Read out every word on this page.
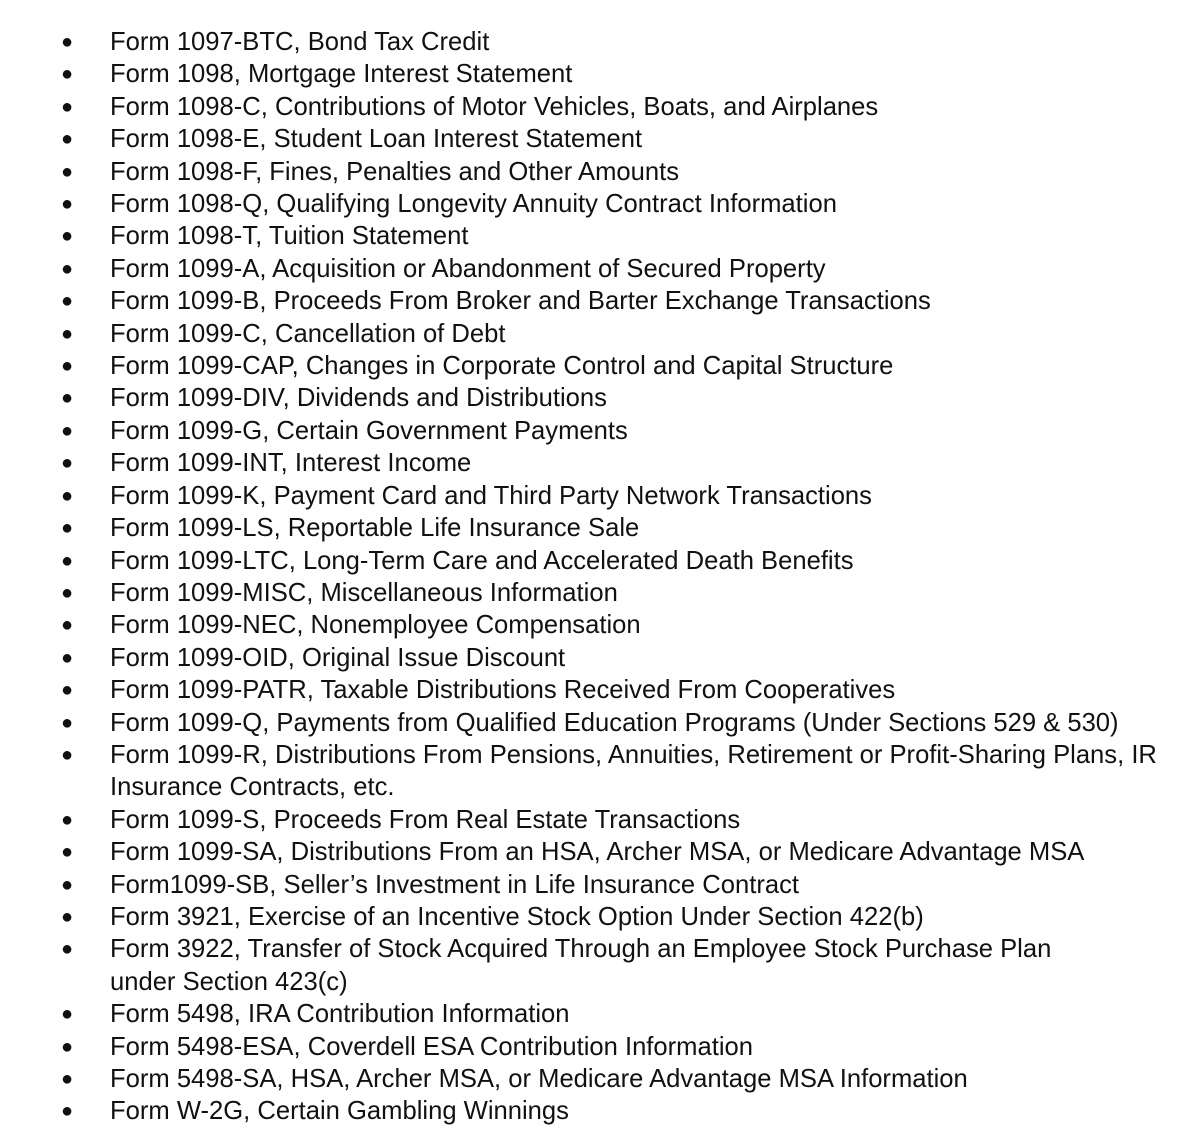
● Form 1097-BTC, Bond Tax Credit
● Form 1098, Mortgage Interest Statement
● Form 1098-C, Contributions of Motor Vehicles, Boats, and Airplanes
● Form 1098-E, Student Loan Interest Statement
● Form 1098-F, Fines, Penalties and Other Amounts
● Form 1098-Q, Qualifying Longevity Annuity Contract Information
● Form 1098-T, Tuition Statement
● Form 1099-A, Acquisition or Abandonment of Secured Property
● Form 1099-B, Proceeds From Broker and Barter Exchange Transactions
● Form 1099-C, Cancellation of Debt
● Form 1099-CAP, Changes in Corporate Control and Capital Structure
● Form 1099-DIV, Dividends and Distributions
● Form 1099-G, Certain Government Payments
● Form 1099-INT, Interest Income
● Form 1099-K, Payment Card and Third Party Network Transactions
● Form 1099-LS, Reportable Life Insurance Sale
● Form 1099-LTC, Long-Term Care and Accelerated Death Benefits
● Form 1099-MISC, Miscellaneous Information
● Form 1099-NEC, Nonemployee Compensation
● Form 1099-OID, Original Issue Discount
● Form 1099-PATR, Taxable Distributions Received From Cooperatives
● Form 1099-Q, Payments from Qualified Education Programs (Under Sections 529 & 530)
● Form 1099-R, Distributions From Pensions, Annuities, Retirement or Profit-Sharing Plans, IR
Insurance Contracts, etc.
● Form 1099-S, Proceeds From Real Estate Transactions
● Form 1099-SA, Distributions From an HSA, Archer MSA, or Medicare Advantage MSA
● Form1099-SB, Seller’s Investment in Life Insurance Contract
● Form 3921, Exercise of an Incentive Stock Option Under Section 422(b)
● Form 3922, Transfer of Stock Acquired Through an Employee Stock Purchase Plan
under Section 423(c)
● Form 5498, IRA Contribution Information
● Form 5498-ESA, Coverdell ESA Contribution Information
● Form 5498-SA, HSA, Archer MSA, or Medicare Advantage MSA Information
● Form W-2G, Certain Gambling Winnings
